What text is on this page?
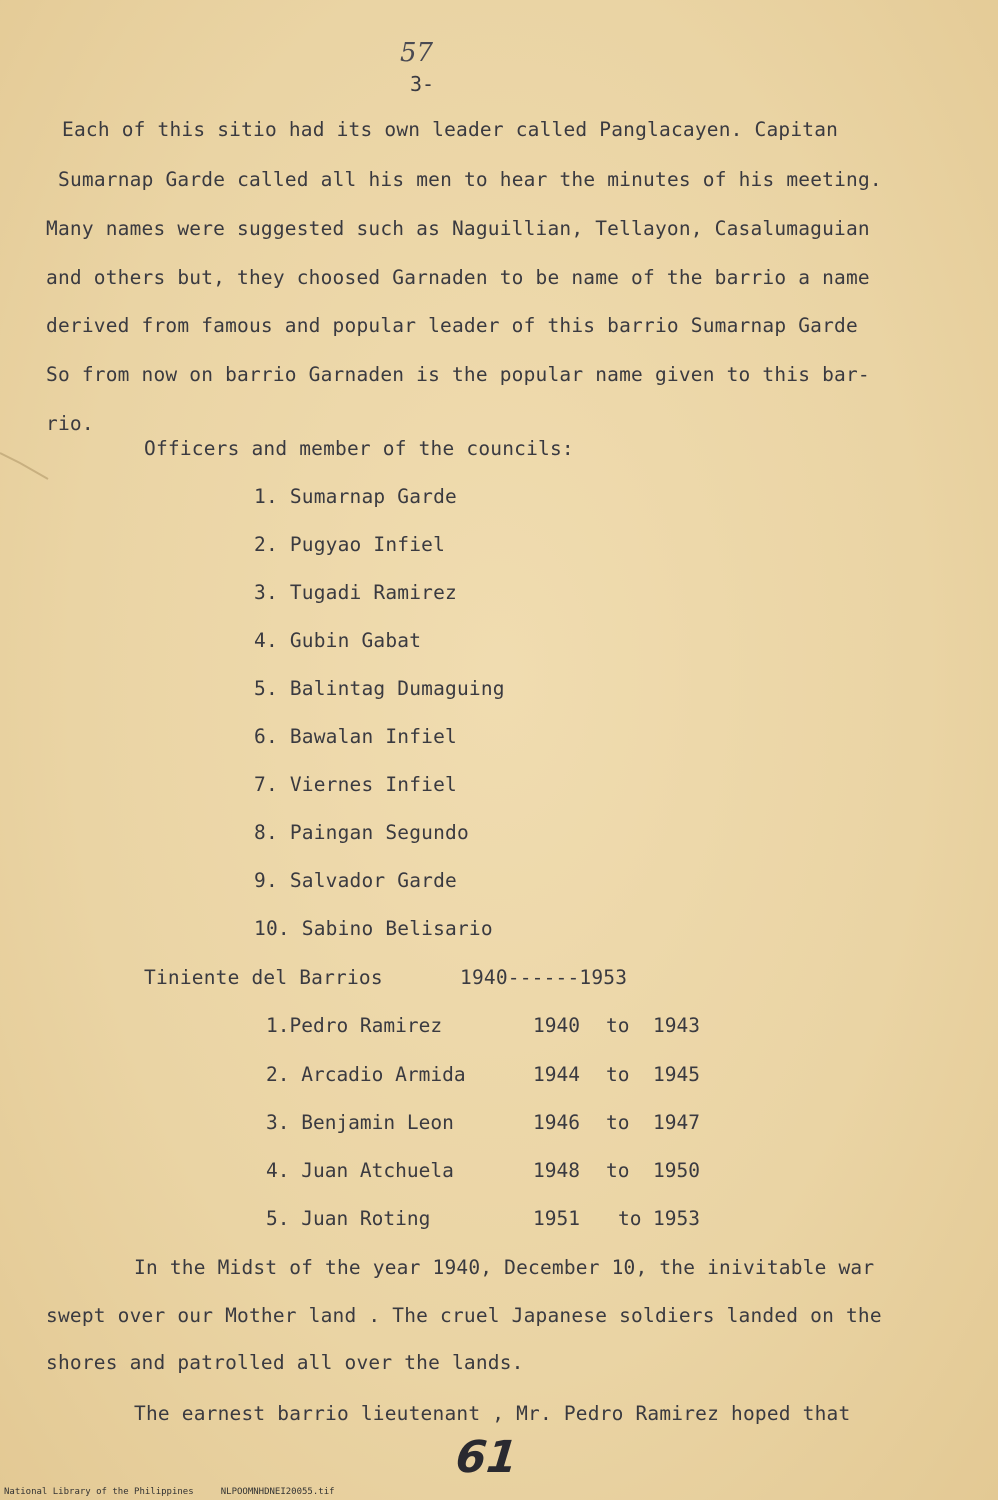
57
3-
Each of this sitio had its own leader called Panglacayen. Capitan
Sumarnap Garde called all his men to hear the minutes of his meeting.
Many names were suggested such as Naguillian, Tellayon, Casalumaguian
and others but, they choosed Garnaden to be name of the barrio a name
derived from famous and popular leader of this barrio Sumarnap Garde
So from now on barrio Garnaden is the popular name given to this bar-
rio.
Officers and member of the councils:
1. Sumarnap Garde
2. Pugyao Infiel
3. Tugadi Ramirez
4. Gubin Gabat
5. Balintag Dumaguing
6. Bawalan Infiel
7. Viernes Infiel
8. Paingan Segundo
9. Salvador Garde
10. Sabino Belisario
Tiniente del Barrios	1940------1953
1.Pedro Ramirez	1940 to 1943
2. Arcadio Armida	1944 to 1945
3. Benjamin Leon	1946 to 1947
4. Juan Atchuela	1948 to 1950
5. Juan Roting	1951 to 1953
In the Midst of the year 1940, December 10, the inivitable war
swept over our Mother land . The cruel Japanese soldiers landed on the
shores and patrolled all over the lands.
The earnest barrio lieutenant , Mr. Pedro Ramirez hoped that
61
National Library of the Philippines     NLPOOMNHDNEI20055.tif
